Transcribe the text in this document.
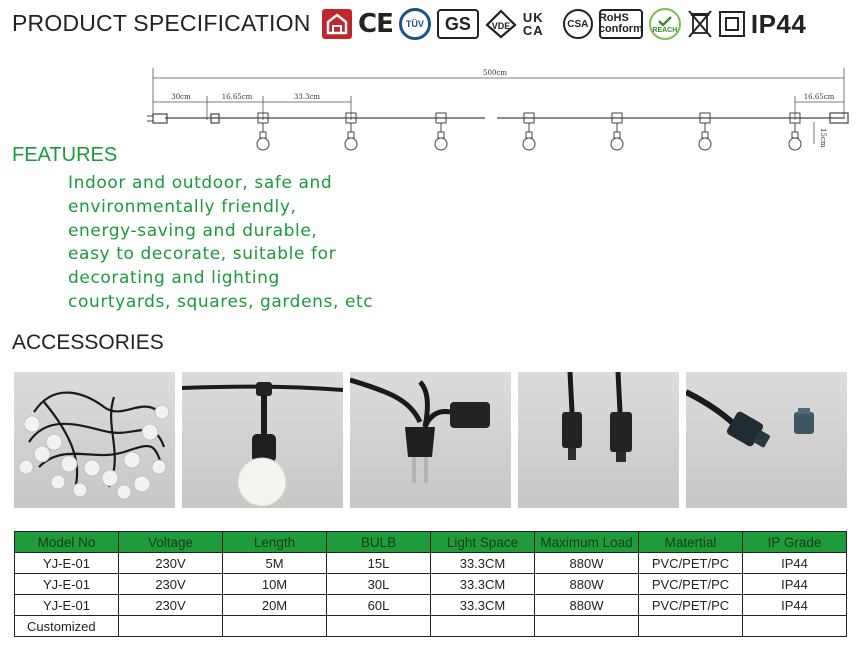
PRODUCT SPECIFICATION CE	TÜV	GS	VDE
UK CA	CSA RoHS conform REACH	IP44
500cm
30cm	16.65cm	33.3cm	16.65cm
15cm
FEATURES
Indoor and outdoor, safe and
environmentally friendly,
energy-saving and durable,
easy to decorate, suitable for
decorating and lighting
courtyards, squares, gardens, etc
ACCESSORIES
Model No	Voltage	Length	BULB	Light Space	Maximum Load	Matertial	IP Grade
YJ-E-01	230V	5M	15L	33.3CM	880W	PVC/PET/PC	IP44
YJ-E-01	230V	10M	30L	33.3CM	880W	PVC/PET/PC	IP44
YJ-E-01	230V	20M	60L	33.3CM	880W	PVC/PET/PC	IP44
Customized							
